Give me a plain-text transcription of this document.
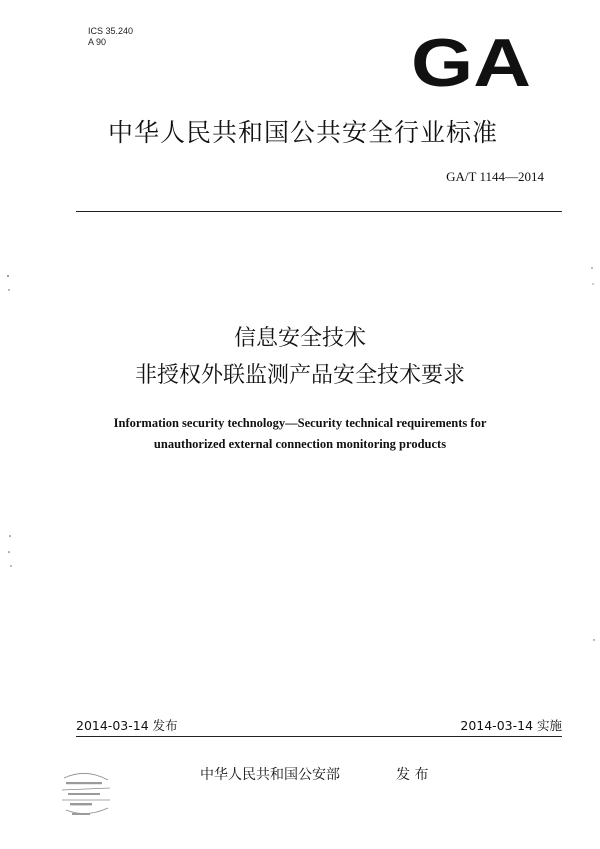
ICS 35.240
A 90	GA
中华人民共和国公共安全行业标准
GA/T 1144—2014
信息安全技术
非授权外联监测产品安全技术要求
Information security technology—Security technical requirements for
unauthorized external connection monitoring products
2014-03-14 发布	2014-03-14 实施
中华人民共和国公安部	发 布
